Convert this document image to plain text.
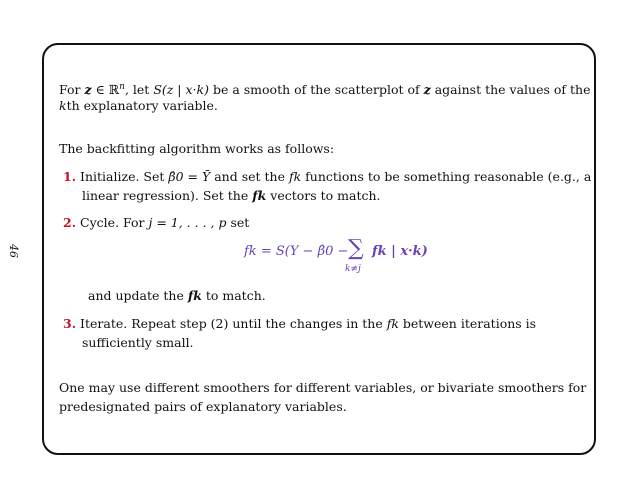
46
For z ∈ ℝ$^n$, let S(z | x·k) be a smooth of the scatterplot of z against the values of the
kth explanatory variable.
The backfitting algorithm works as follows:
1. Initialize. Set β̂0 = Ȳ and set the fk functions to be something reasonable (e.g., a
linear regression). Set the fk vectors to match.
2. Cycle. For j = 1, . . . , p set
fk = S(Y − β̂0 − ∑
k≠j
fk | x·k)
and update the fk to match.
3. Iterate. Repeat step (2) until the changes in the fk between iterations is
sufficiently small.
One may use different smoothers for different variables, or bivariate smoothers for
predesignated pairs of explanatory variables.
